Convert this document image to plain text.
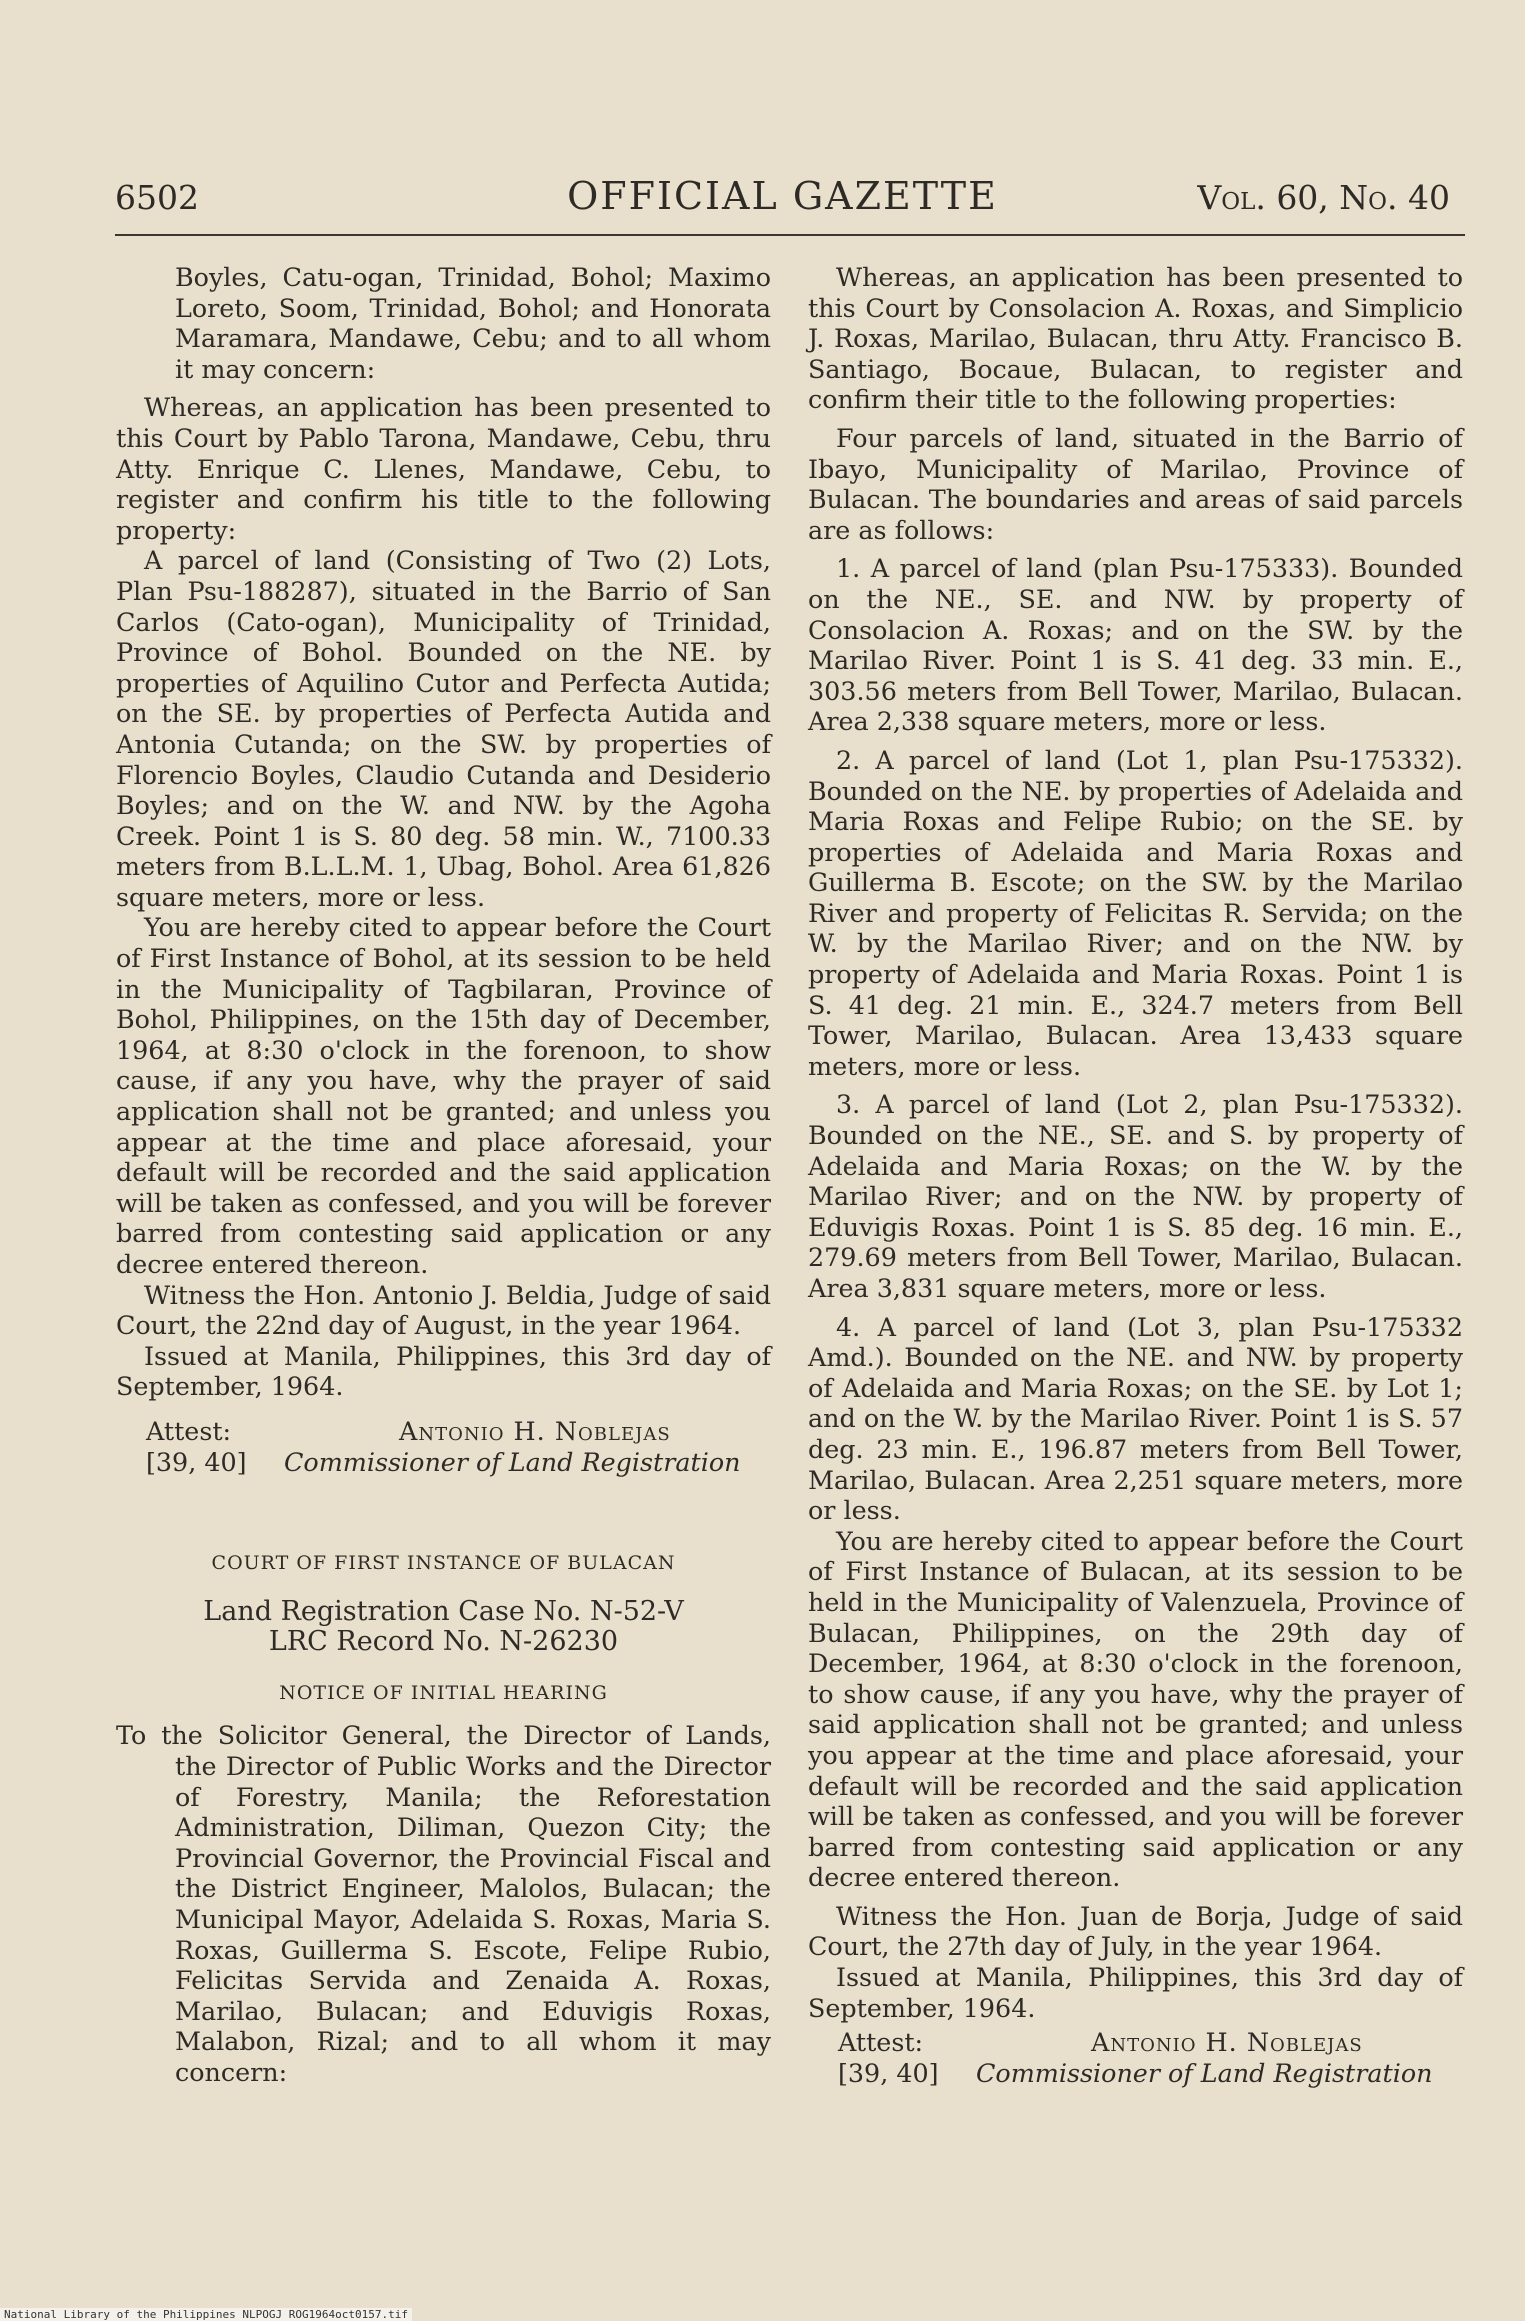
6502	OFFICIAL GAZETTE	Vol. 60, No. 40

Boyles, Catu-ogan, Trinidad, Bohol; Maximo Loreto, Soom, Trinidad, Bohol; and Honorata Maramara, Mandawe, Cebu; and to all whom it may concern:

Whereas, an application has been presented to this Court by Pablo Tarona, Mandawe, Cebu, thru Atty. Enrique C. Llenes, Mandawe, Cebu, to register and confirm his title to the following property:

A parcel of land (Consisting of Two (2) Lots, Plan Psu-188287), situated in the Barrio of San Carlos (Cato-ogan), Municipality of Trinidad, Province of Bohol. Bounded on the NE. by properties of Aquilino Cutor and Perfecta Autida; on the SE. by properties of Perfecta Autida and Antonia Cutanda; on the SW. by properties of Florencio Boyles, Claudio Cutanda and Desiderio Boyles; and on the W. and NW. by the Agoha Creek. Point 1 is S. 80 deg. 58 min. W., 7100.33 meters from B.L.L.M. 1, Ubag, Bohol. Area 61,826 square meters, more or less.

You are hereby cited to appear before the Court of First Instance of Bohol, at its session to be held in the Municipality of Tagbilaran, Province of Bohol, Philippines, on the 15th day of December, 1964, at 8:30 o'clock in the forenoon, to show cause, if any you have, why the prayer of said application shall not be granted; and unless you appear at the time and place aforesaid, your default will be recorded and the said application will be taken as confessed, and you will be forever barred from contesting said application or any decree entered thereon.

Witness the Hon. Antonio J. Beldia, Judge of said Court, the 22nd day of August, in the year 1964.

Issued at Manila, Philippines, this 3rd day of September, 1964.

Attest:	Antonio H. Noblejas
[39, 40] Commissioner of Land Registration

COURT OF FIRST INSTANCE OF BULACAN

Land Registration Case No. N-52-V

LRC Record No. N-26230

NOTICE OF INITIAL HEARING

To the Solicitor General, the Director of Lands, the Director of Public Works and the Director of Forestry, Manila; the Reforestation Administration, Diliman, Quezon City; the Provincial Governor, the Provincial Fiscal and the District Engineer, Malolos, Bulacan; the Municipal Mayor, Adelaida S. Roxas, Maria S. Roxas, Guillerma S. Escote, Felipe Rubio, Felicitas Servida and Zenaida A. Roxas, Marilao, Bulacan; and Eduvigis Roxas, Malabon, Rizal; and to all whom it may concern:

Whereas, an application has been presented to this Court by Consolacion A. Roxas, and Simplicio J. Roxas, Marilao, Bulacan, thru Atty. Francisco B. Santiago, Bocaue, Bulacan, to register and confirm their title to the following properties:

Four parcels of land, situated in the Barrio of Ibayo, Municipality of Marilao, Province of Bulacan. The boundaries and areas of said parcels are as follows:

1. A parcel of land (plan Psu-175333). Bounded on the NE., SE. and NW. by property of Consolacion A. Roxas; and on the SW. by the Marilao River. Point 1 is S. 41 deg. 33 min. E., 303.56 meters from Bell Tower, Marilao, Bulacan. Area 2,338 square meters, more or less.

2. A parcel of land (Lot 1, plan Psu-175332). Bounded on the NE. by properties of Adelaida and Maria Roxas and Felipe Rubio; on the SE. by properties of Adelaida and Maria Roxas and Guillerma B. Escote; on the SW. by the Marilao River and property of Felicitas R. Servida; on the W. by the Marilao River; and on the NW. by property of Adelaida and Maria Roxas. Point 1 is S. 41 deg. 21 min. E., 324.7 meters from Bell Tower, Marilao, Bulacan. Area 13,433 square meters, more or less.

3. A parcel of land (Lot 2, plan Psu-175332). Bounded on the NE., SE. and S. by property of Adelaida and Maria Roxas; on the W. by the Marilao River; and on the NW. by property of Eduvigis Roxas. Point 1 is S. 85 deg. 16 min. E., 279.69 meters from Bell Tower, Marilao, Bulacan. Area 3,831 square meters, more or less.

4. A parcel of land (Lot 3, plan Psu-175332 Amd.). Bounded on the NE. and NW. by property of Adelaida and Maria Roxas; on the SE. by Lot 1; and on the W. by the Marilao River. Point 1 is S. 57 deg. 23 min. E., 196.87 meters from Bell Tower, Marilao, Bulacan. Area 2,251 square meters, more or less.

You are hereby cited to appear before the Court of First Instance of Bulacan, at its session to be held in the Municipality of Valenzuela, Province of Bulacan, Philippines, on the 29th day of December, 1964, at 8:30 o'clock in the forenoon, to show cause, if any you have, why the prayer of said application shall not be granted; and unless you appear at the time and place aforesaid, your default will be recorded and the said application will be taken as confessed, and you will be forever barred from contesting said application or any decree entered thereon.

Witness the Hon. Juan de Borja, Judge of said Court, the 27th day of July, in the year 1964.

Issued at Manila, Philippines, this 3rd day of September, 1964.

Attest:	Antonio H. Noblejas
[39, 40] Commissioner of Land Registration
National Library of the Philippines NLPOGJ ROG1964oct0157.tif
